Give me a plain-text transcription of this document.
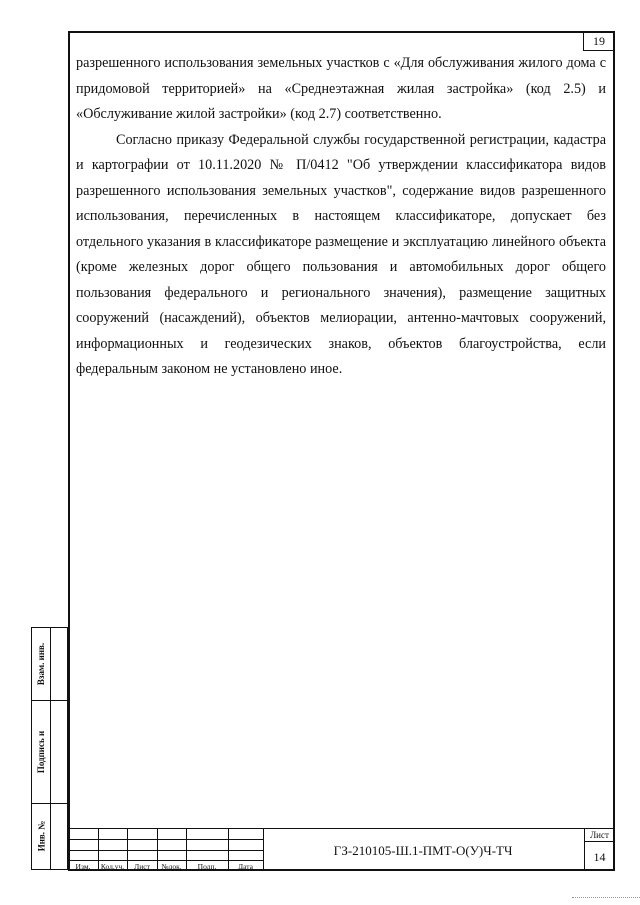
19

разрешенного использования земельных участков с «Для обслуживания жилого дома с придомовой территорией» на «Среднеэтажная жилая застройка» (код 2.5) и «Обслуживание жилой застройки» (код 2.7) соответственно.

Согласно приказу Федеральной службы государственной регистрации, кадастра и картографии от 10.11.2020 № П/0412 "Об утверждении классификатора видов разрешенного использования земельных участков", содержание видов разрешенного использования, перечисленных в настоящем классификаторе, допускает без отдельного указания в классификаторе размещение и эксплуатацию линейного объекта (кроме железных дорог общего пользования и автомобильных дорог общего пользования федерального и регионального значения), размещение защитных сооружений (насаждений), объектов мелиорации, антенно-мачтовых сооружений, информационных и геодезических знаков, объектов благоустройства, если федеральным законом не установлено иное.

Взам. инв.
Подпись и
Инв. №
Изм.	Кол.уч.	Лист	№док.	Подп.	Дата
ГЗ-210105-Ш.1-ПМТ-О(У)Ч-ТЧ
Лист
14
